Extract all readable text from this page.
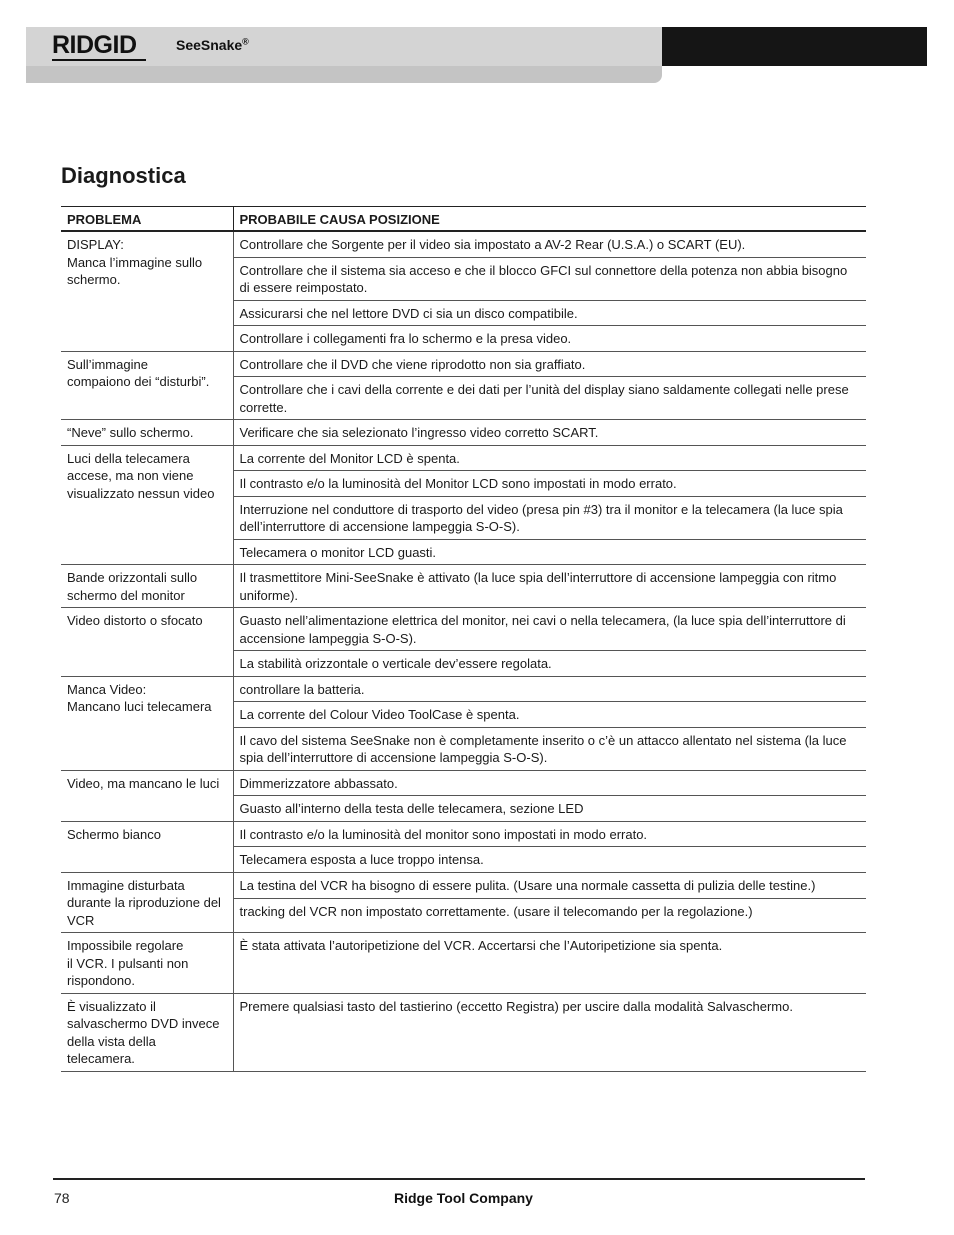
RIDGID	SeeSnake®
Diagnostica
PROBLEMA	PROBABILE CAUSA POSIZIONE
DISPLAY:
Manca l’immagine sullo schermo.	Controllare che Sorgente per il video sia impostato a AV-2 Rear (U.S.A.) o SCART (EU).
	Controllare che il sistema sia acceso e che il blocco GFCI sul connettore della potenza non abbia bisogno di essere reimpostato.
	Assicurarsi che nel lettore DVD ci sia un disco compatibile.
	Controllare i collegamenti fra lo schermo e la presa video.
Sull’immagine
compaiono dei “disturbi”.	Controllare che il DVD che viene riprodotto non sia graffiato.
	Controllare che i cavi della corrente e dei dati per l’unità del display siano saldamente collegati nelle prese corrette.
“Neve” sullo schermo.	Verificare che sia selezionato l’ingresso video corretto SCART.
Luci della telecamera accese, ma non viene visualizzato nessun video	La corrente del Monitor LCD è spenta.
	Il contrasto e/o la luminosità del Monitor LCD sono impostati in modo errato.
	Interruzione nel conduttore di trasporto del video (presa pin #3) tra il monitor e la telecamera (la luce spia dell’interruttore di accensione lampeggia S-O-S).
	Telecamera o monitor LCD guasti.
Bande orizzontali sullo schermo del monitor	Il trasmettitore Mini-SeeSnake è attivato (la luce spia dell’interruttore di accensione lampeggia con ritmo uniforme).
Video distorto o sfocato	Guasto nell’alimentazione elettrica del monitor, nei cavi o nella telecamera, (la luce spia dell’interruttore di accensione lampeggia S-O-S).
	La stabilità orizzontale o verticale dev’essere regolata.
Manca Video:
Mancano luci telecamera	controllare la batteria.
	La corrente del Colour Video ToolCase è spenta.
	Il cavo del sistema SeeSnake non è completamente inserito o c’è un attacco allentato nel sistema (la luce spia dell’interruttore di accensione lampeggia S-O-S).
Video, ma mancano le luci	Dimmerizzatore abbassato.
	Guasto all’interno della testa delle telecamera, sezione LED
Schermo bianco	Il contrasto e/o la luminosità del monitor sono impostati in modo errato.
	Telecamera esposta a luce troppo intensa.
Immagine disturbata durante la riproduzione del VCR	La testina del VCR ha bisogno di essere pulita. (Usare una normale cassetta di pulizia delle testine.)
	tracking del VCR non impostato correttamente. (usare il telecomando per la regolazione.)
Impossibile regolare
il VCR. I pulsanti non rispondono.	È stata attivata l’autoripetizione del VCR. Accertarsi che l’Autoripetizione sia spenta.
È visualizzato il salvaschermo DVD invece della vista della telecamera.	Premere qualsiasi tasto del tastierino (eccetto Registra) per uscire dalla modalità Salvaschermo.
78	Ridge Tool Company
